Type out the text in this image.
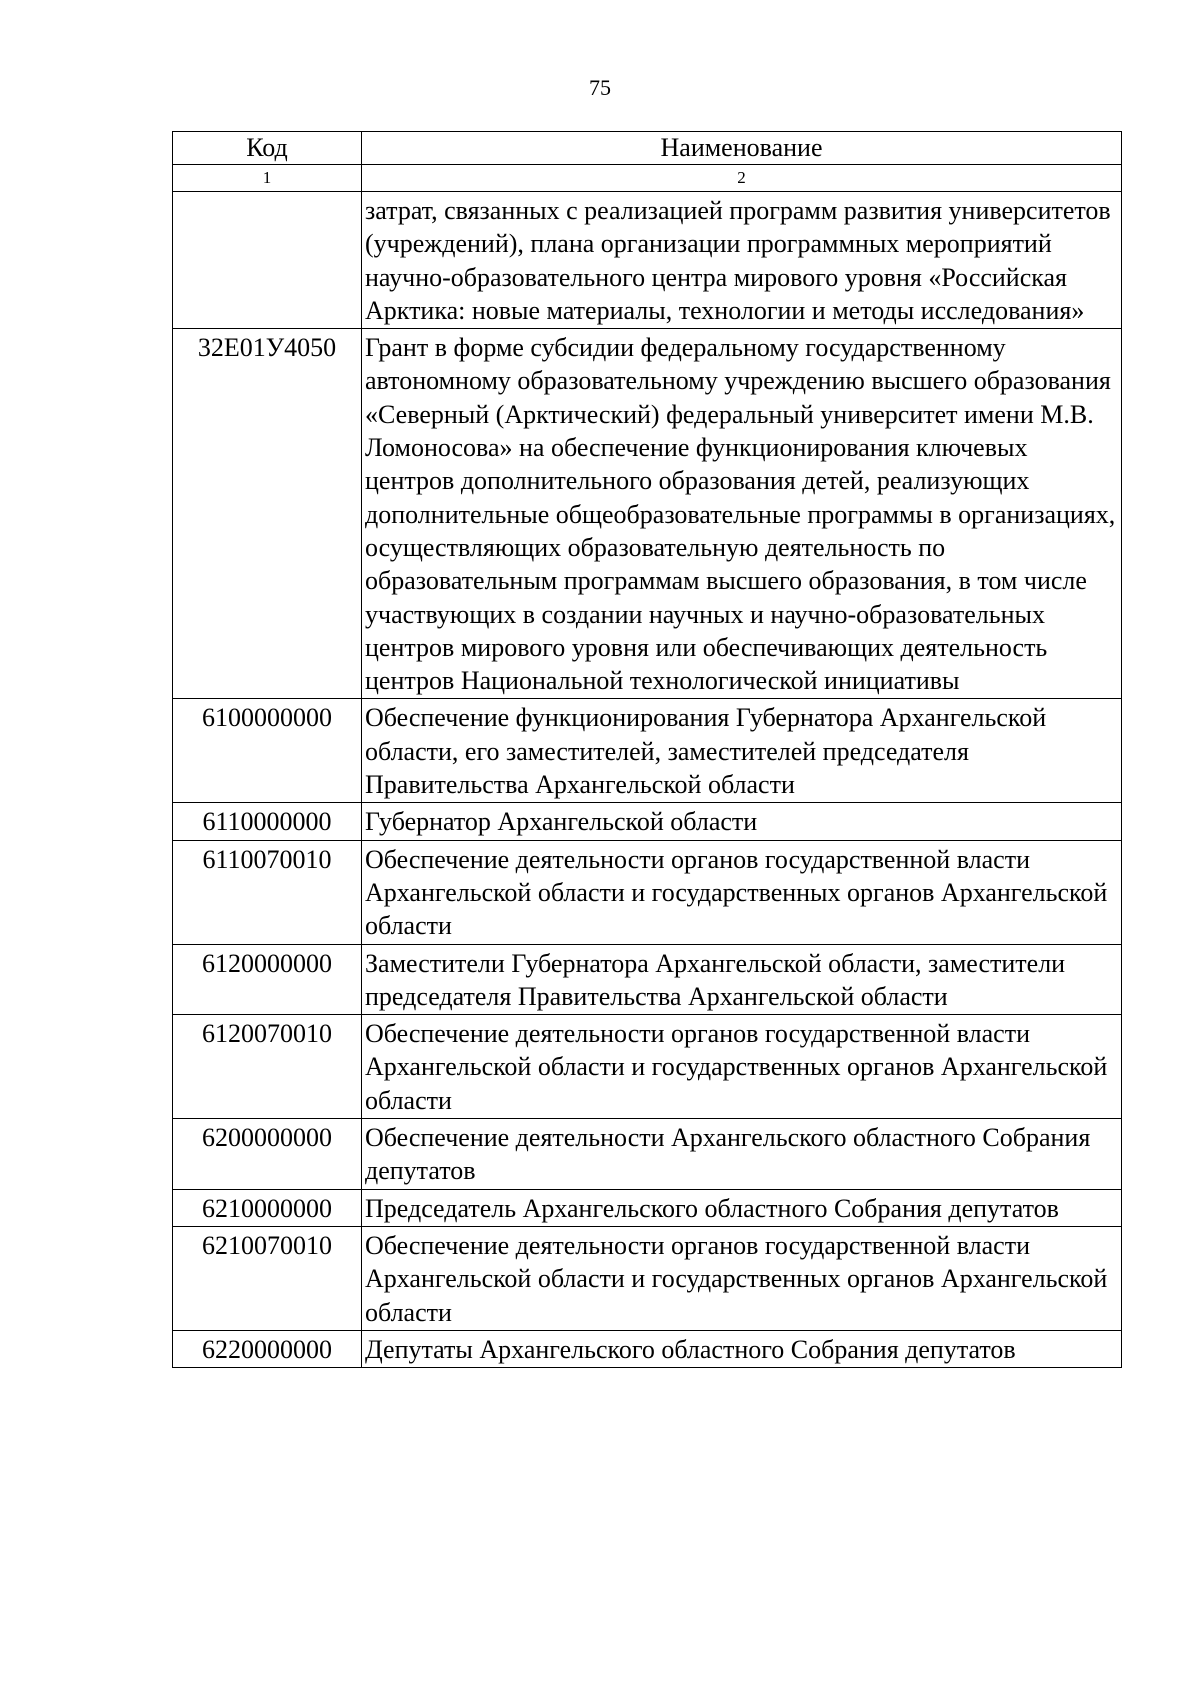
75
Код	Наименование
1	2
	затрат, связанных с реализацией программ развития университетов (учреждений), плана организации программных мероприятий научно-образовательного центра мирового уровня «Российская Арктика: новые материалы, технологии и методы исследования»
32Е01У4050	Грант в форме субсидии федеральному государственному автономному образовательному учреждению высшего образования «Северный (Арктический) федеральный университет имени М.В. Ломоносова» на обеспечение функционирования ключевых центров дополнительного образования детей, реализующих дополнительные общеобразовательные программы в организациях, осуществляющих образовательную деятельность по образовательным программам высшего образования, в том числе участвующих в создании научных и научно-образовательных центров мирового уровня или обеспечивающих деятельность центров Национальной технологической инициативы
6100000000	Обеспечение функционирования Губернатора Архангельской области, его заместителей, заместителей председателя Правительства Архангельской области
6110000000	Губернатор Архангельской области
6110070010	Обеспечение деятельности органов государственной власти Архангельской области и государственных органов Архангельской области
6120000000	Заместители Губернатора Архангельской области, заместители председателя Правительства Архангельской области
6120070010	Обеспечение деятельности органов государственной власти Архангельской области и государственных органов Архангельской области
6200000000	Обеспечение деятельности Архангельского областного Собрания депутатов
6210000000	Председатель Архангельского областного Собрания депутатов
6210070010	Обеспечение деятельности органов государственной власти Архангельской области и государственных органов Архангельской области
6220000000	Депутаты Архангельского областного Собрания депутатов
